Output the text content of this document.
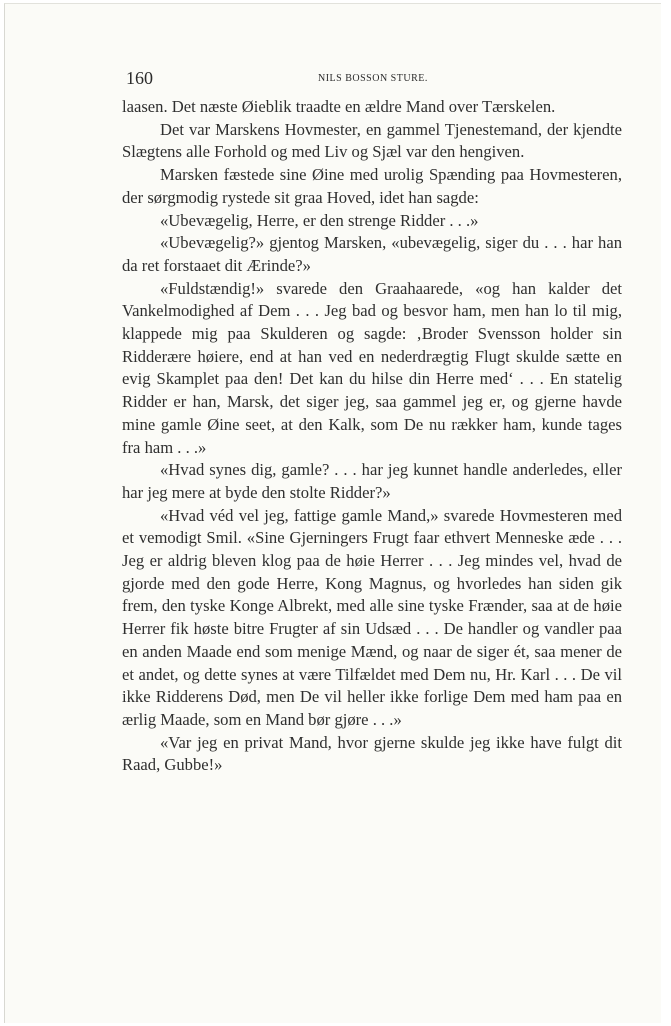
160	NILS BOSSON STURE.

laasen. Det næste Øieblik traadte en ældre Mand over Tærskelen.

Det var Marskens Hovmester, en gammel Tjenestemand, der kjendte Slægtens alle Forhold og med Liv og Sjæl var den hengiven.

Marsken fæstede sine Øine med urolig Spænding paa Hovmesteren, der sørgmodig rystede sit graa Hoved, idet han sagde:

«Ubevægelig, Herre, er den strenge Ridder . . .»

«Ubevægelig?» gjentog Marsken, «ubevægelig, siger du . . . har han da ret forstaaet dit Ærinde?»

«Fuldstændig!» svarede den Graahaarede, «og han kalder det Vankelmodighed af Dem . . . Jeg bad og besvor ham, men han lo til mig, klappede mig paa Skulderen og sagde: ‚Broder Svensson holder sin Ridderære høiere, end at han ved en nederdrægtig Flugt skulde sætte en evig Skamplet paa den! Det kan du hilse din Herre med‘ . . . En statelig Ridder er han, Marsk, det siger jeg, saa gammel jeg er, og gjerne havde mine gamle Øine seet, at den Kalk, som De nu rækker ham, kunde tages fra ham . . .»

«Hvad synes dig, gamle? . . . har jeg kunnet handle anderledes, eller har jeg mere at byde den stolte Ridder?»

«Hvad véd vel jeg, fattige gamle Mand,» svarede Hovmesteren med et vemodigt Smil. «Sine Gjerningers Frugt faar ethvert Menneske æde . . . Jeg er aldrig bleven klog paa de høie Herrer . . . Jeg mindes vel, hvad de gjorde med den gode Herre, Kong Magnus, og hvorledes han siden gik frem, den tyske Konge Albrekt, med alle sine tyske Frænder, saa at de høie Herrer fik høste bitre Frugter af sin Udsæd . . . De handler og vandler paa en anden Maade end som menige Mænd, og naar de siger ét, saa mener de et andet, og dette synes at være Tilfældet med Dem nu, Hr. Karl . . . De vil ikke Ridderens Død, men De vil heller ikke forlige Dem med ham paa en ærlig Maade, som en Mand bør gjøre . . .»

«Var jeg en privat Mand, hvor gjerne skulde jeg ikke have fulgt dit Raad, Gubbe!»
